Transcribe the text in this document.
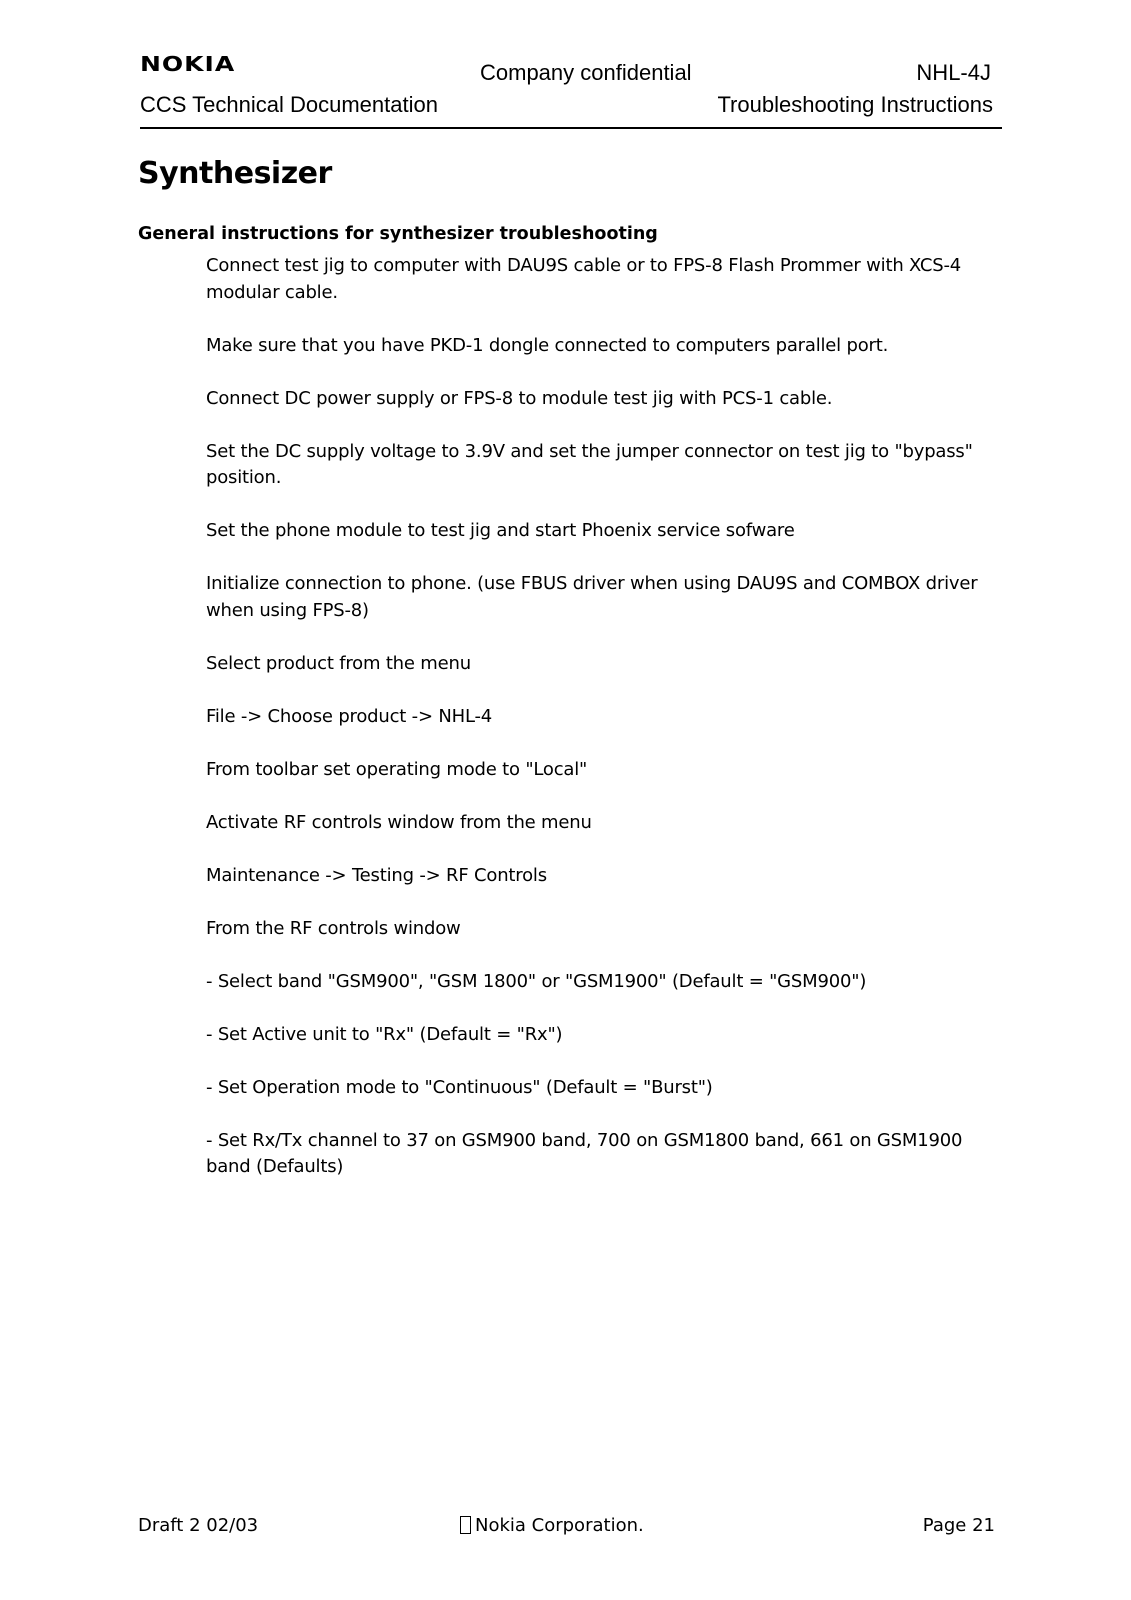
NOKIA	Company confidential	NHL-4J
CCS Technical Documentation	Troubleshooting Instructions
Synthesizer
General instructions for synthesizer troubleshooting
Connect test jig to computer with DAU9S cable or to FPS-8 Flash Prommer with XCS-4 modular cable.
Make sure that you have PKD-1 dongle connected to computers parallel port.
Connect DC power supply or FPS-8 to module test jig with PCS-1 cable.
Set the DC supply voltage to 3.9V and set the jumper connector on test jig to "bypass" position.
Set the phone module to test jig and start Phoenix service sofware
Initialize connection to phone. (use FBUS driver when using DAU9S and COMBOX driver when using FPS-8)
Select product from the menu
File -> Choose product -> NHL-4
From toolbar set operating mode to "Local"
Activate RF controls window from the menu
Maintenance -> Testing -> RF Controls
From the RF controls window
- Select band "GSM900", "GSM 1800" or "GSM1900" (Default = "GSM900")
- Set Active unit to "Rx" (Default = "Rx")
- Set Operation mode to "Continuous" (Default = "Burst")
- Set Rx/Tx channel to 37 on GSM900 band, 700 on GSM1800 band, 661 on GSM1900 band (Defaults)
Draft 2 02/03	Nokia Corporation.	Page 21
